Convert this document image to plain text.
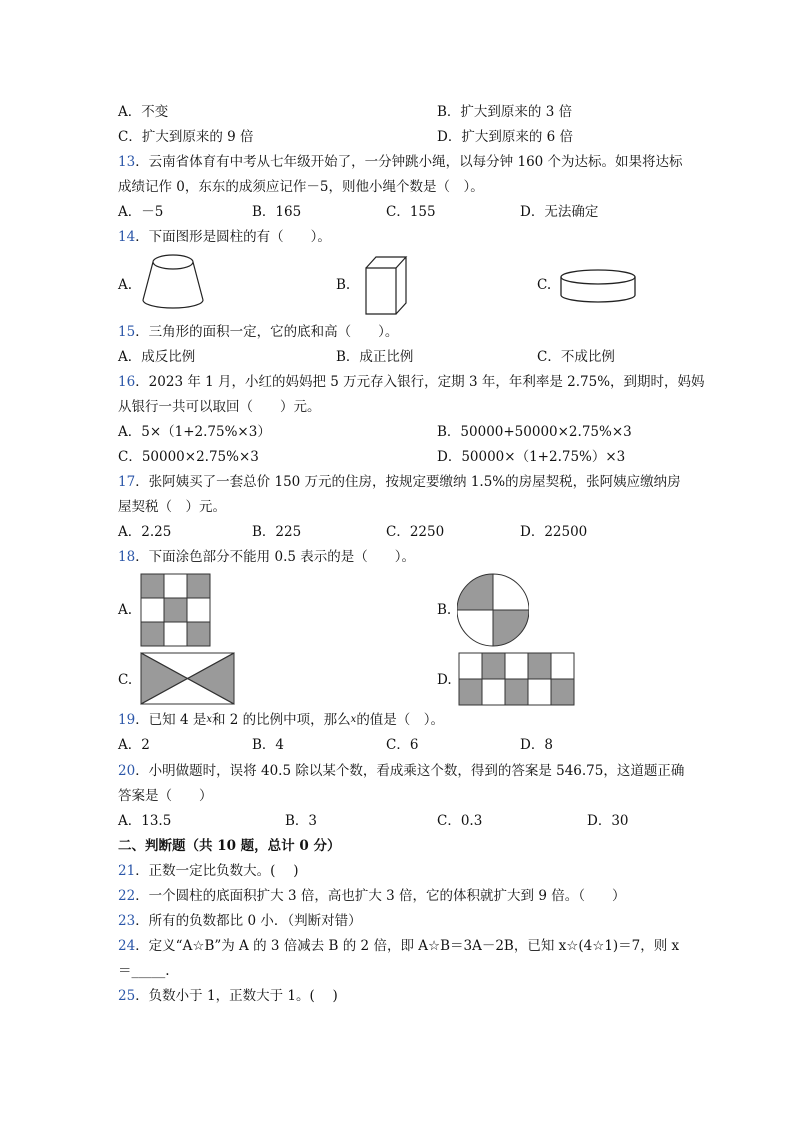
A．不变	B．扩大到原来的 3 倍
C．扩大到原来的 9 倍	D．扩大到原来的 6 倍
13．云南省体育有中考从七年级开始了，一分钟跳小绳，以每分钟 160 个为达标。如果将达标
成绩记作 0，东东的成须应记作－5，则他小绳个数是（　）。
A．－5	B．165	C．155	D．无法确定
14．下面图形是圆柱的有（　　）。
A.	B.	C.
15．三角形的面积一定，它的底和高（　　）。
A．成反比例	B．成正比例	C．不成比例
16．2023 年 1 月，小红的妈妈把 5 万元存入银行，定期 3 年，年利率是 2.75%，到期时，妈妈
从银行一共可以取回（　　）元。
A．5×（1+2.75%×3）	B．50000+50000×2.75%×3
C．50000×2.75%×3	D．50000×（1+2.75%）×3
17．张阿姨买了一套总价 150 万元的住房，按规定要缴纳 1.5%的房屋契税，张阿姨应缴纳房
屋契税（　）元。
A．2.25	B．225	C．2250	D．22500
18．下面涂色部分不能用 0.5 表示的是（　　）。
A.	B.
C.	D.
19．已知 4 是x和 2 的比例中项，那么x的值是（　）。
A．2	B．4	C．6	D．8
20．小明做题时，误将 40.5 除以某个数，看成乘这个数，得到的答案是 546.75，这道题正确
答案是（　　）
A．13.5	B．3	C．0.3	D．30
二、判断题（共 10 题，总计 0 分）
21．正数一定比负数大。(　 )
22．一个圆柱的底面积扩大 3 倍，高也扩大 3 倍，它的体积就扩大到 9 倍。（　　）
23．所有的负数都比 0 小．（判断对错）
24．定义“A☆B”为 A 的 3 倍减去 B 的 2 倍，即 A☆B＝3A－2B，已知 x☆(4☆1)＝7，则 x
＝_____.
25．负数小于 1，正数大于 1。(　 )
